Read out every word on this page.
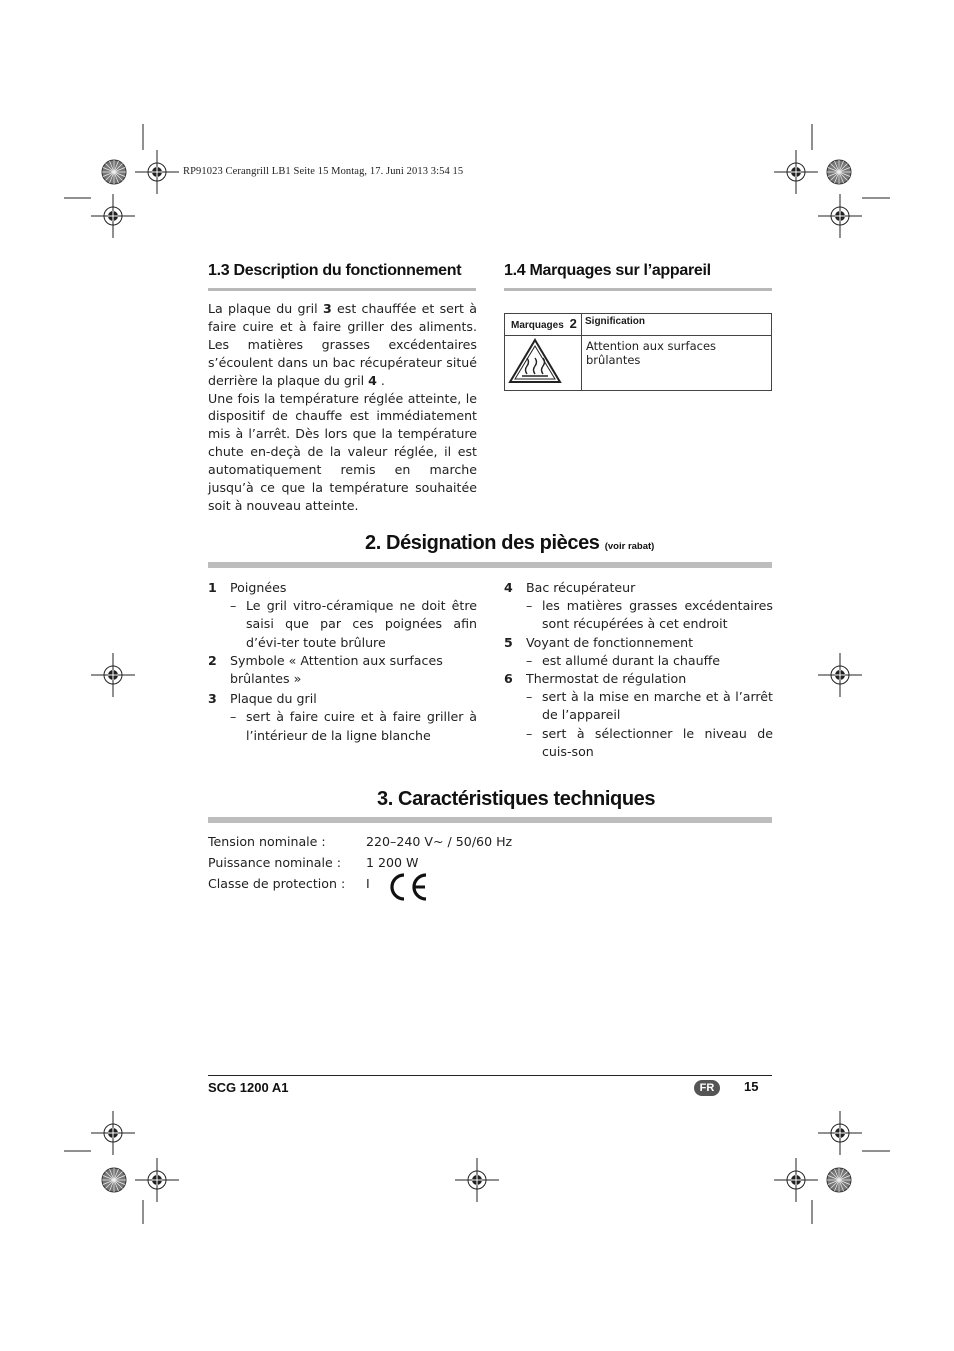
RP91023 Cerangrill LB1 Seite 15 Montag, 17. Juni 2013 3:54 15
1.3 Description du fonctionnement

La plaque du gril 3 est chauffée et sert à faire cuire et à faire griller des aliments. Les matières grasses excédentaires s’écoulent dans un bac récupérateur situé derrière la plaque du gril 4 .

Une fois la température réglée atteinte, le dispositif de chauffe est immédiatement mis à l’arrêt. Dès lors que la température chute en-deçà de la valeur réglée, il est automatiquement remis en marche jusqu’à ce que la température souhaitée soit à nouveau atteinte.

1.4 Marquages sur l’appareil
Marquages 2	Signification
	Attention aux surfaces brûlantes
2. Désignation des pièces (voir rabat)
1	Poignées
– Le gril vitro-céramique ne doit être saisi que par ces poignées afin d’évi-ter toute brûlure
2	Symbole « Attention aux surfaces brûlantes »
3	Plaque du gril
– sert à faire cuire et à faire griller à l’intérieur de la ligne blanche
4	Bac récupérateur
– les matières grasses excédentaires sont récupérées à cet endroit
5	Voyant de fonctionnement
– est allumé durant la chauffe
6	Thermostat de régulation
– sert à la mise en marche et à l’arrêt de l’appareil
– sert à sélectionner le niveau de cuis-son
3. Caractéristiques techniques
Tension nominale :	220–240 V~ / 50/60 Hz
Puissance nominale : 1 200 W
Classe de protection : I
SCG 1200 A1	FR	15
